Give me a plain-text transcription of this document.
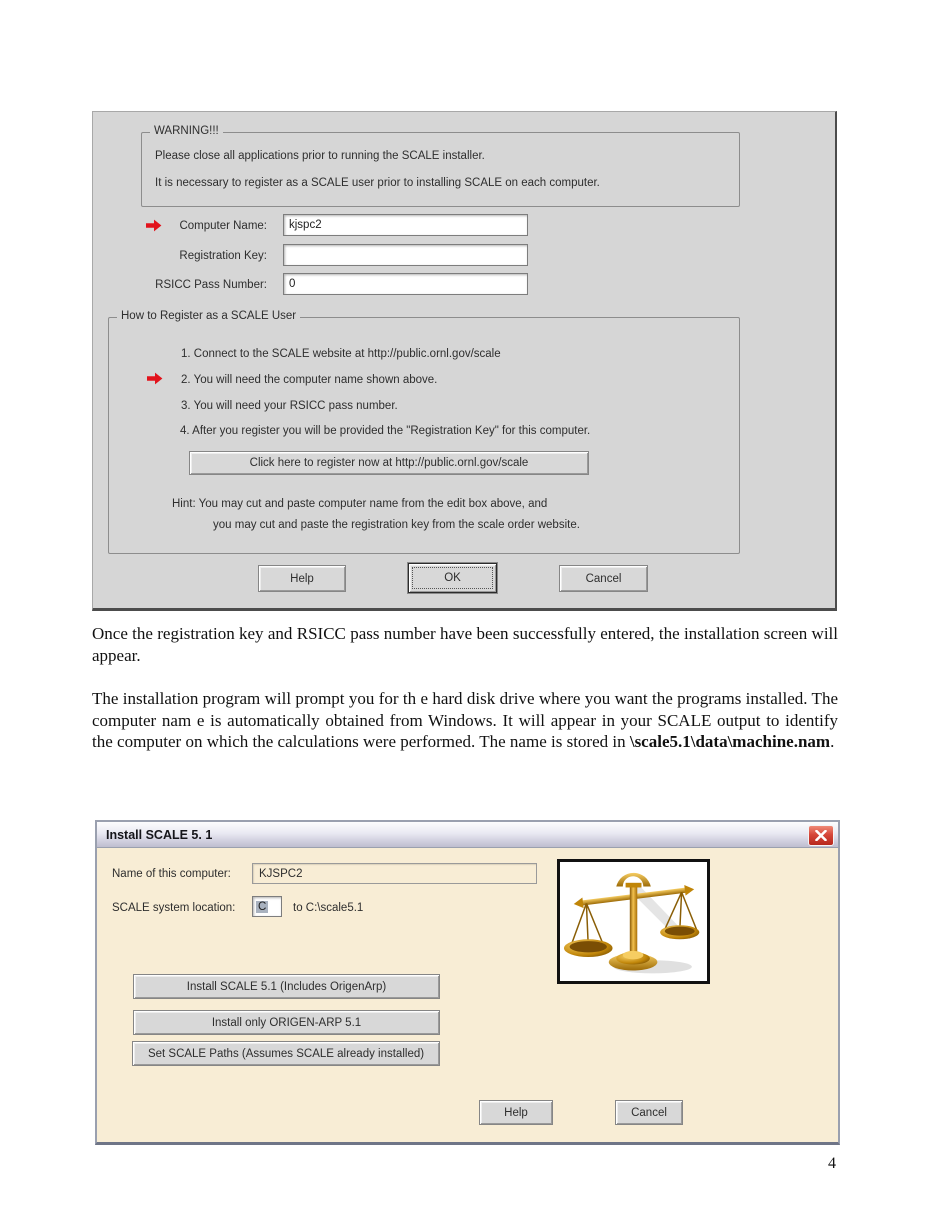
WARNING!!!
Please close all applications prior to running the SCALE installer.
It is necessary to register as a SCALE user prior to installing SCALE on each computer.
Computer Name:	kjspc2
Registration Key:
RSICC Pass Number:	0
How to Register as a SCALE User
1. Connect to the SCALE website at http://public.ornl.gov/scale
2. You will need the computer name shown above.
3. You will need your RSICC pass number.
4. After you register you will be provided the "Registration Key" for this computer.
Click here to register now at http://public.ornl.gov/scale
Hint: You may cut and paste computer name from the edit box above, and
you may cut and paste the registration key from the scale order website.
Help	OK	Cancel

Once the registration key and RSICC pass number have been successfully entered, the installation screen will appear.

The installation program will prompt you for th e hard disk drive where you want the programs installed. The computer nam e is automatically obtained from Windows. It will appear in your SCALE output to identify the computer on which the calculations were performed. The name is stored in \scale5.1\data\machine.nam.

Install SCALE 5. 1
Name of this computer:	KJSPC2
SCALE system location: C to C:\scale5.1
Install SCALE 5.1 (Includes OrigenArp)
Install only ORIGEN-ARP 5.1
Set SCALE Paths (Assumes SCALE already installed)
Help	Cancel
4
